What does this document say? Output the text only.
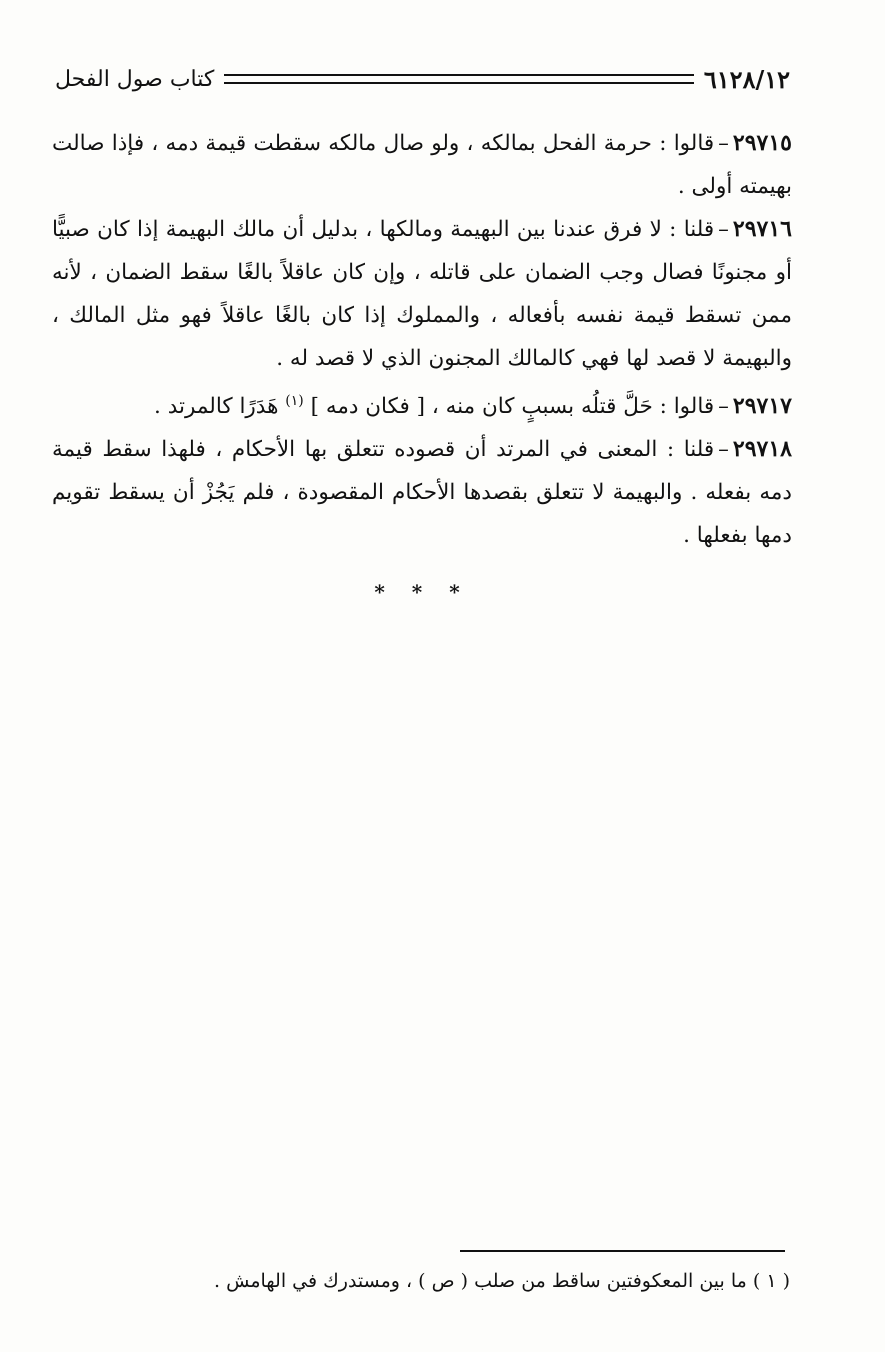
٦١٢٨/١٢
كتاب صول الفحل

٢٩٧١٥–قالوا : حرمة الفحل بمالكه ، ولو صال مالكه سقطت قيمة دمه ، فإذا صالت بهيمته أولى .

٢٩٧١٦–قلنا : لا فرق عندنا بين البهيمة ومالكها ، بدليل أن مالك البهيمة إذا كان صبيًّا أو مجنونًا فصال وجب الضمان على قاتله ، وإن كان عاقلاً بالغًا سقط الضمان ، لأنه ممن تسقط قيمة نفسه بأفعاله ، والمملوك إذا كان بالغًا عاقلاً فهو مثل المالك ، والبهيمة لا قصد لها فهي كالمالك المجنون الذي لا قصد له .

٢٩٧١٧–قالوا : حَلَّ قتلُه بسببٍ كان منه ، [ فكان دمه ] $^{(١)}$ هَدَرًا كالمرتد .

٢٩٧١٨–قلنا : المعنى في المرتد أن قصوده تتعلق بها الأحكام ، فلهذا سقط قيمة دمه بفعله . والبهيمة لا تتعلق بقصدها الأحكام المقصودة ، فلم يَجُزْ أن يسقط تقويم دمها بفعلها .

* * *
( ١ ) ما بين المعكوفتين ساقط من صلب ( ص ) ، ومستدرك في الهامش .
